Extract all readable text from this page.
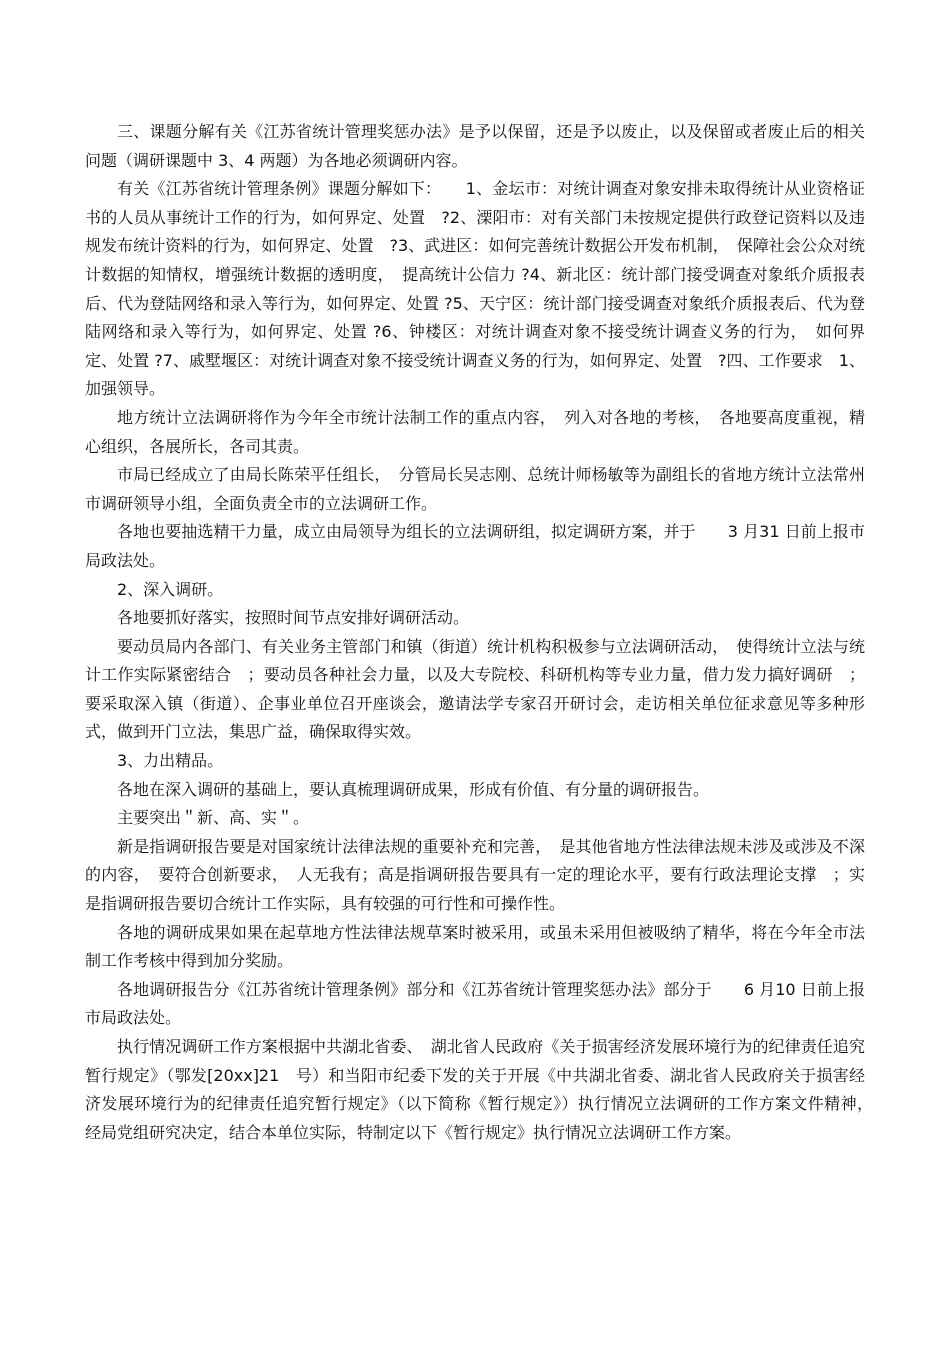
三、课题分解有关《江苏省统计管理奖惩办法》是予以保留，还是予以废止，以及保留或者废止后的相关问题（调研课题中 3、4 两题）为各地必须调研内容。

有关《江苏省统计管理条例》课题分解如下：　　1、金坛市：对统计调查对象安排未取得统计从业资格证书的人员从事统计工作的行为，如何界定、处置　?2、溧阳市：对有关部门未按规定提供行政登记资料以及违规发布统计资料的行为，如何界定、处置　?3、武进区：如何完善统计数据公开发布机制，　保障社会公众对统计数据的知情权，增强统计数据的透明度，　提高统计公信力 ?4、新北区：统计部门接受调查对象纸介质报表后、代为登陆网络和录入等行为，如何界定、处置 ?5、天宁区：统计部门接受调查对象纸介质报表后、代为登陆网络和录入等行为，如何界定、处置 ?6、钟楼区：对统计调查对象不接受统计调查义务的行为，　如何界定、处置 ?7、戚墅堰区：对统计调查对象不接受统计调查义务的行为，如何界定、处置　?四、工作要求　1、加强领导。

地方统计立法调研将作为今年全市统计法制工作的重点内容，　列入对各地的考核，　各地要高度重视，精心组织，各展所长，各司其责。

市局已经成立了由局长陈荣平任组长，　分管局长吴志刚、总统计师杨敏等为副组长的省地方统计立法常州市调研领导小组，全面负责全市的立法调研工作。

各地也要抽选精干力量，成立由局领导为组长的立法调研组，拟定调研方案，并于　　3 月31 日前上报市局政法处。

2、深入调研。

各地要抓好落实，按照时间节点安排好调研活动。

要动员局内各部门、有关业务主管部门和镇（街道）统计机构积极参与立法调研活动，　使得统计立法与统计工作实际紧密结合　；要动员各种社会力量，以及大专院校、科研机构等专业力量，借力发力搞好调研　；要采取深入镇（街道）、企事业单位召开座谈会，邀请法学专家召开研讨会，走访相关单位征求意见等多种形式，做到开门立法，集思广益，确保取得实效。

3、力出精品。

各地在深入调研的基础上，要认真梳理调研成果，形成有价值、有分量的调研报告。

主要突出＂新、高、实＂。

新是指调研报告要是对国家统计法律法规的重要补充和完善，　是其他省地方性法律法规未涉及或涉及不深的内容，　要符合创新要求，　人无我有；高是指调研报告要具有一定的理论水平，要有行政法理论支撑　；实是指调研报告要切合统计工作实际，具有较强的可行性和可操作性。

各地的调研成果如果在起草地方性法律法规草案时被采用，或虽未采用但被吸纳了精华，将在今年全市法制工作考核中得到加分奖励。

各地调研报告分《江苏省统计管理条例》部分和《江苏省统计管理奖惩办法》部分于　　6 月10 日前上报市局政法处。

执行情况调研工作方案根据中共湖北省委、　湖北省人民政府《关于损害经济发展环境行为的纪律责任追究暂行规定》（鄂发[20xx]21　号）和当阳市纪委下发的关于开展《中共湖北省委、湖北省人民政府关于损害经济发展环境行为的纪律责任追究暂行规定》（以下简称《暂行规定》）执行情况立法调研的工作方案文件精神，　经局党组研究决定，结合本单位实际，特制定以下《暂行规定》执行情况立法调研工作方案。
